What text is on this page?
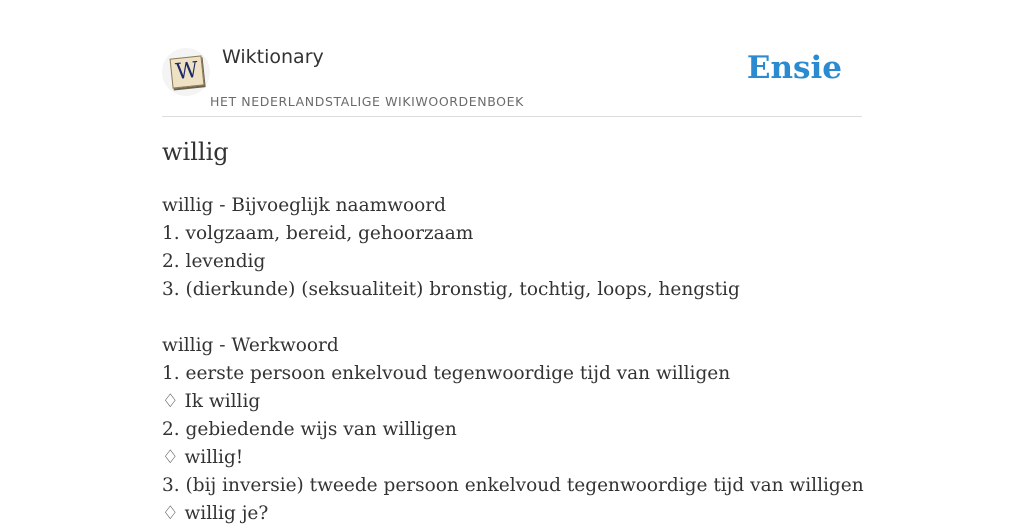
W
Wiktionary
HET NEDERLANDSTALIGE WIKIWOORDENBOEK
Ensie
willig
willig - Bijvoeglijk naamwoord
1. volgzaam, bereid, gehoorzaam
2. levendig
3. (dierkunde) (seksualiteit) bronstig, tochtig, loops, hengstig
willig - Werkwoord
1. eerste persoon enkelvoud tegenwoordige tijd van willigen
♢ Ik willig
2. gebiedende wijs van willigen
♢ willig!
3. (bij inversie) tweede persoon enkelvoud tegenwoordige tijd van willigen
♢ willig je?
